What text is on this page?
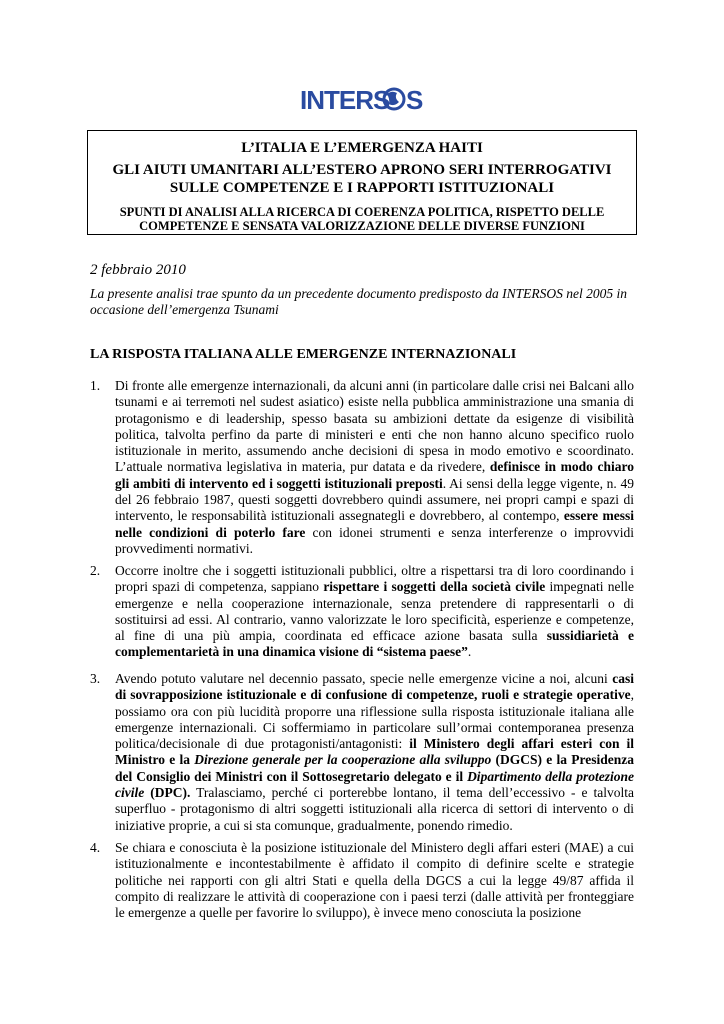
INTERS S
L’ITALIA E L’EMERGENZA HAITI
GLI AIUTI UMANITARI ALL’ESTERO APRONO SERI INTERROGATIVI
SULLE COMPETENZE E I RAPPORTI ISTITUZIONALI
SPUNTI DI ANALISI ALLA RICERCA DI COERENZA POLITICA, RISPETTO DELLE COMPETENZE E SENSATA VALORIZZAZIONE DELLE DIVERSE FUNZIONI
2 febbraio 2010
La presente analisi trae spunto da un precedente documento predisposto da INTERSOS nel 2005 in occasione dell’emergenza Tsunami
LA RISPOSTA ITALIANA ALLE EMERGENZE INTERNAZIONALI
1. Di fronte alle emergenze internazionali, da alcuni anni (in particolare dalle crisi nei Balcani allo tsunami e ai terremoti nel sudest asiatico) esiste nella pubblica amministrazione una smania di protagonismo e di leadership, spesso basata su ambizioni dettate da esigenze di visibilità politica, talvolta perfino da parte di ministeri e enti che non hanno alcuno specifico ruolo istituzionale in merito, assumendo anche decisioni di spesa in modo emotivo e scoordinato. L’attuale normativa legislativa in materia, pur datata e da rivedere, definisce in modo chiaro gli ambiti di intervento ed i soggetti istituzionali preposti. Ai sensi della legge vigente, n. 49 del 26 febbraio 1987, questi soggetti dovrebbero quindi assumere, nei propri campi e spazi di intervento, le responsabilità istituzionali assegnategli e dovrebbero, al contempo, essere messi nelle condizioni di poterlo fare con idonei strumenti e senza interferenze o improvvidi provvedimenti normativi.
2. Occorre inoltre che i soggetti istituzionali pubblici, oltre a rispettarsi tra di loro coordinando i propri spazi di competenza, sappiano rispettare i soggetti della società civile impegnati nelle emergenze e nella cooperazione internazionale, senza pretendere di rappresentarli o di sostituirsi ad essi. Al contrario, vanno valorizzate le loro specificità, esperienze e competenze, al fine di una più ampia, coordinata ed efficace azione basata sulla sussidiarietà e complementarietà in una dinamica visione di “sistema paese”.
3. Avendo potuto valutare nel decennio passato, specie nelle emergenze vicine a noi, alcuni casi di sovrapposizione istituzionale e di confusione di competenze, ruoli e strategie operative, possiamo ora con più lucidità proporre una riflessione sulla risposta istituzionale italiana alle emergenze internazionali. Ci soffermiamo in particolare sull’ormai contemporanea presenza politica/decisionale di due protagonisti/antagonisti: il Ministero degli affari esteri con il Ministro e la Direzione generale per la cooperazione alla sviluppo (DGCS) e la Presidenza del Consiglio dei Ministri con il Sottosegretario delegato e il Dipartimento della protezione civile (DPC). Tralasciamo, perché ci porterebbe lontano, il tema dell’eccessivo - e talvolta superfluo - protagonismo di altri soggetti istituzionali alla ricerca di settori di intervento o di iniziative proprie, a cui si sta comunque, gradualmente, ponendo rimedio.
4. Se chiara e conosciuta è la posizione istituzionale del Ministero degli affari esteri (MAE) a cui istituzionalmente e incontestabilmente è affidato il compito di definire scelte e strategie politiche nei rapporti con gli altri Stati e quella della DGCS a cui la legge 49/87 affida il compito di realizzare le attività di cooperazione con i paesi terzi (dalle attività per fronteggiare le emergenze a quelle per favorire lo sviluppo), è invece meno conosciuta la posizione
